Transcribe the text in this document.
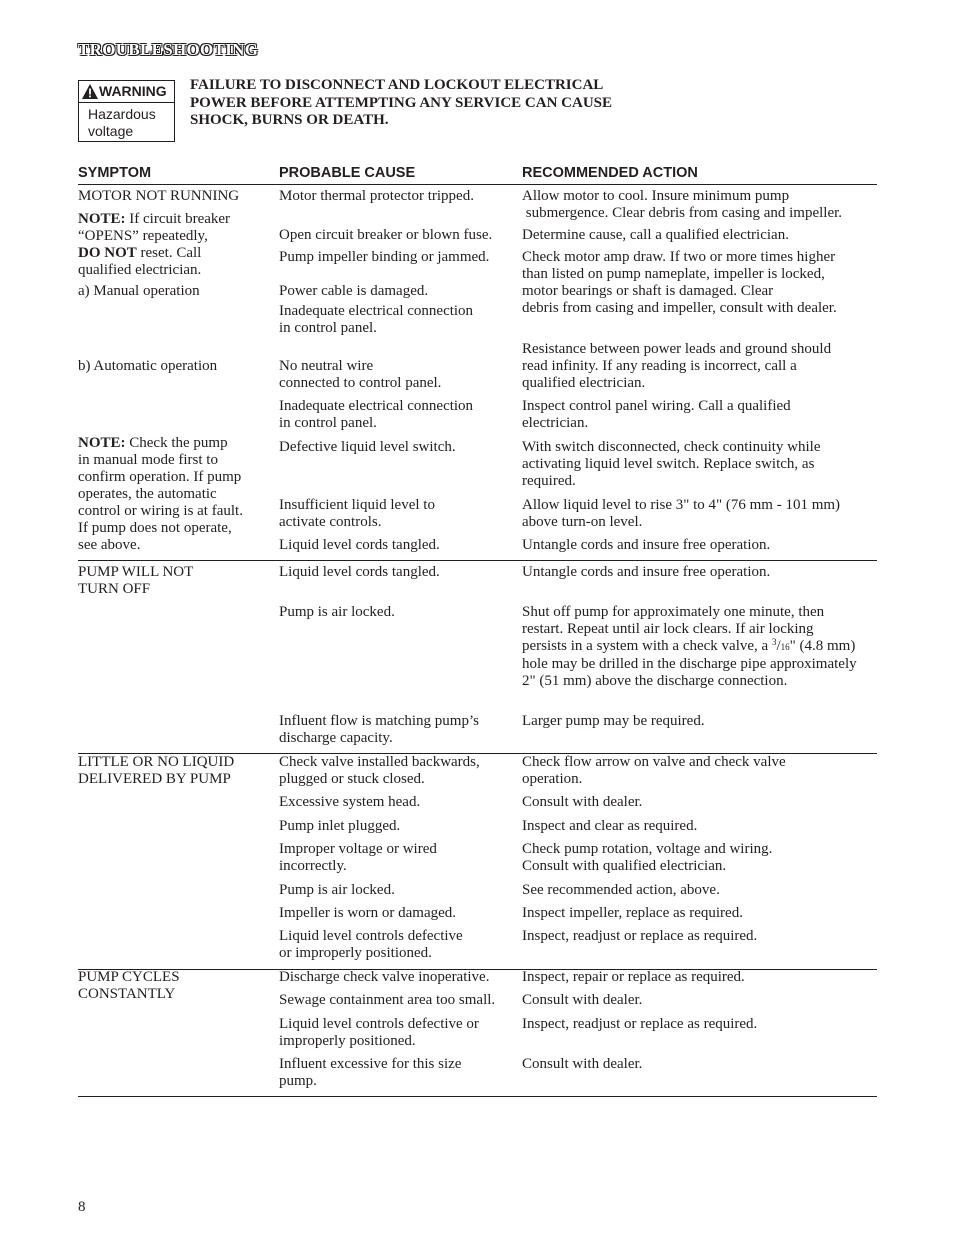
TROUBLESHOOTING
WARNING
Hazardous
voltage
FAILURE TO DISCONNECT AND LOCKOUT ELECTRICAL
POWER BEFORE ATTEMPTING ANY SERVICE CAN CAUSE
SHOCK, BURNS OR DEATH.
SYMPTOM	PROBABLE CAUSE	RECOMMENDED ACTION
MOTOR NOT RUNNING
NOTE: If circuit breaker
“OPENS” repeatedly,
DO NOT reset. Call
qualified electrician.
a) Manual operation
b) Automatic operation
NOTE: Check the pump
in manual mode first to
confirm operation. If pump
operates, the automatic
control or wiring is at fault.
If pump does not operate,
see above.
Motor thermal protector tripped.
Open circuit breaker or blown fuse.
Pump impeller binding or jammed.
Power cable is damaged.
Inadequate electrical connection
in control panel.
No neutral wire
connected to control panel.
Inadequate electrical connection
in control panel.
Defective liquid level switch.
Insufficient liquid level to
activate controls.
Liquid level cords tangled.
Allow motor to cool. Insure minimum pump
submergence. Clear debris from casing and impeller.
Determine cause, call a qualified electrician.
Check motor amp draw. If two or more times higher
than listed on pump nameplate, impeller is locked,
motor bearings or shaft is damaged. Clear
debris from casing and impeller, consult with dealer.
Resistance between power leads and ground should
read infinity. If any reading is incorrect, call a
qualified electrician.
Inspect control panel wiring. Call a qualified
electrician.
With switch disconnected, check continuity while
activating liquid level switch. Replace switch, as
required.
Allow liquid level to rise 3" to 4" (76 mm - 101 mm)
above turn-on level.
Untangle cords and insure free operation.
PUMP WILL NOT
TURN OFF
Liquid level cords tangled.
Pump is air locked.
Influent flow is matching pump’s
discharge capacity.
Untangle cords and insure free operation.
Shut off pump for approximately one minute, then
restart. Repeat until air lock clears. If air locking
persists in a system with a check valve, a $^3$/16" (4.8 mm)
hole may be drilled in the discharge pipe approximately
2" (51 mm) above the discharge connection.
Larger pump may be required.
LITTLE OR NO LIQUID
DELIVERED BY PUMP
Check valve installed backwards,
plugged or stuck closed.
Excessive system head.
Pump inlet plugged.
Improper voltage or wired
incorrectly.
Pump is air locked.
Impeller is worn or damaged.
Liquid level controls defective
or improperly positioned.
Check flow arrow on valve and check valve
operation.
Consult with dealer.
Inspect and clear as required.
Check pump rotation, voltage and wiring.
Consult with qualified electrician.
See recommended action, above.
Inspect impeller, replace as required.
Inspect, readjust or replace as required.
PUMP CYCLES
CONSTANTLY
Discharge check valve inoperative.
Sewage containment area too small.
Liquid level controls defective or
improperly positioned.
Influent excessive for this size
pump.
Inspect, repair or replace as required.
Consult with dealer.
Inspect, readjust or replace as required.
Consult with dealer.
8
